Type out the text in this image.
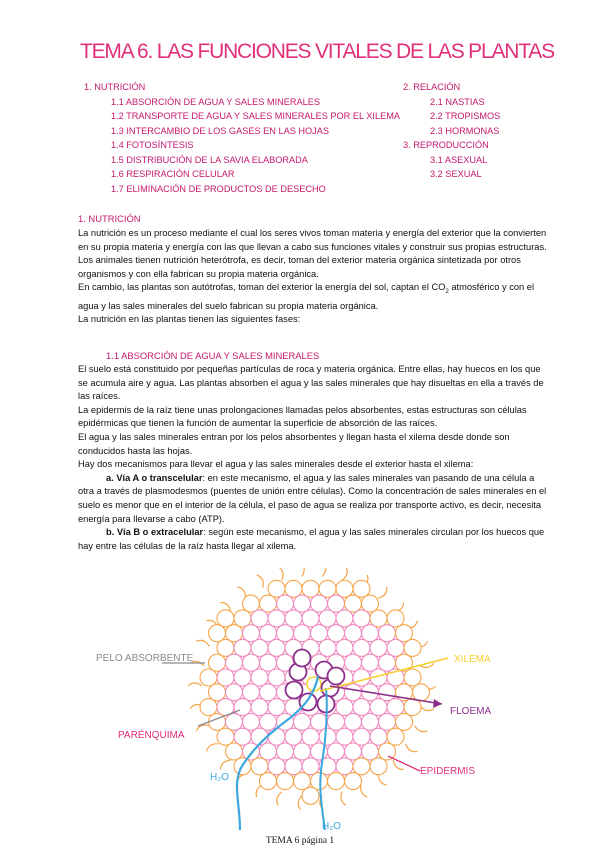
TEMA 6. LAS FUNCIONES VITALES DE LAS PLANTAS
1. NUTRICIÓN
1.1 ABSORCIÓN DE AGUA Y SALES MINERALES
1.2 TRANSPORTE DE AGUA Y SALES MINERALES POR EL XILEMA
1.3 INTERCAMBIO DE LOS GASES EN LAS HOJAS
1.4 FOTOSÍNTESIS
1.5 DISTRIBUCIÓN DE LA SAVIA ELABORADA
1.6 RESPIRACIÓN CELULAR
1.7 ELIMINACIÓN DE PRODUCTOS DE DESECHO
2. RELACIÓN
2.1 NASTIAS
2.2 TROPISMOS
2.3 HORMONAS
3. REPRODUCCIÓN
3.1 ASEXUAL
3.2 SEXUAL
1. NUTRICIÓN

La nutrición es un proceso mediante el cual los seres vivos toman materia y energía del exterior que la convierten en su propia materia y energía con las que llevan a cabo sus funciones vitales y construir sus propias estructuras.

Los animales tienen nutrición heterótrofa, es decir, toman del exterior materia orgánica sintetizada por otros organismos y con ella fabrican su propia materia orgánica.

En cambio, las plantas son autótrofas, toman del exterior la energía del sol, captan el $CO_2$ atmosférico y con el agua y las sales minerales del suelo fabrican su propia materia orgánica.

La nutrición en las plantas tienen las siguientes fases:

1.1 ABSORCIÓN DE AGUA Y SALES MINERALES

El suelo está constituido por pequeñas partículas de roca y materia orgánica. Entre ellas, hay huecos en los que se acumula aire y agua. Las plantas absorben el agua y las sales minerales que hay disueltas en ella a través de las raíces.

La epidermis de la raíz tiene unas prolongaciones llamadas pelos absorbentes, estas estructuras son células epidérmicas que tienen la función de aumentar la superficie de absorción de las raíces.

El agua y las sales minerales entran por los pelos absorbentes y llegan hasta el xilema desde donde son conducidos hasta las hojas.

Hay dos mecanismos para llevar el agua y las sales minerales desde el exterior hasta el xilema:

a. Vía A o transcelular: en este mecanismo, el agua y las sales minerales van pasando de una célula a otra a través de plasmodesmos (puentes de unión entre células). Como la concentración de sales minerales en el suelo es menor que en el interior de la célula, el paso de agua se realiza por transporte activo, es decir, necesita energía para llevarse a cabo (ATP).

b. Vía B o extracelular: según este mecanismo, el agua y las sales minerales circulan por los huecos que hay entre las células de la raíz hasta llegar al xilema.

PELO ABSORBENTE	XILEMA
FLOEMA
PARÉNQUIMA
EPIDERMIS
H₂O
H₂O
TEMA 6 página 1
